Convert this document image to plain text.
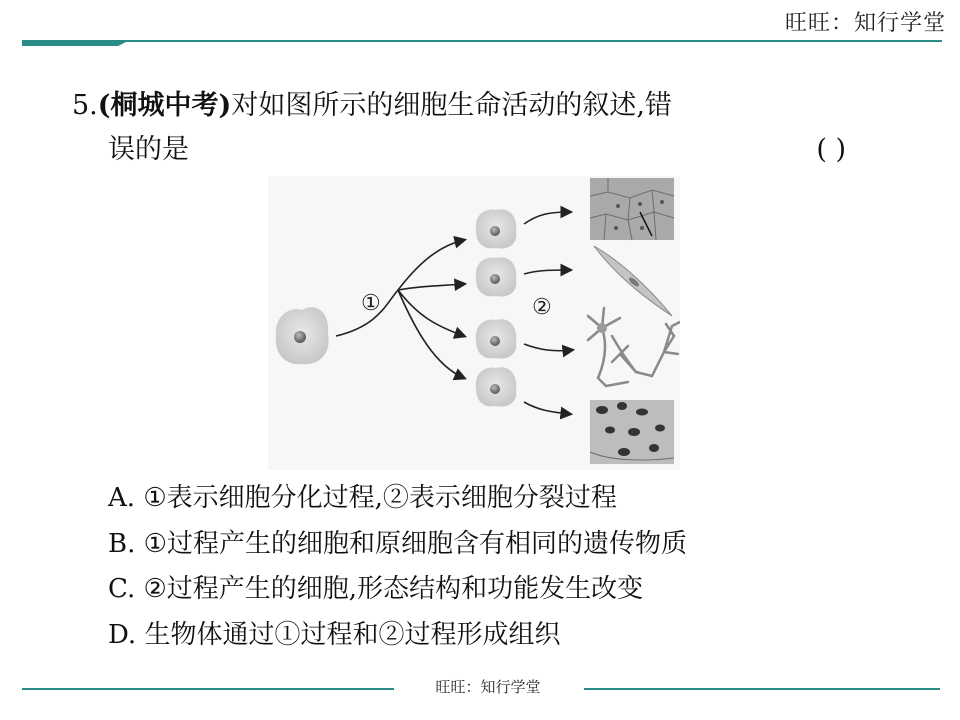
旺旺：知行学堂
5.(桐城中考)对如图所示的细胞生命活动的叙述,错
误的是	( )
①	②
A. ①表示细胞分化过程,②表示细胞分裂过程
B. ①过程产生的细胞和原细胞含有相同的遗传物质
C. ②过程产生的细胞,形态结构和功能发生改变
D. 生物体通过①过程和②过程形成组织
旺旺：知行学堂
